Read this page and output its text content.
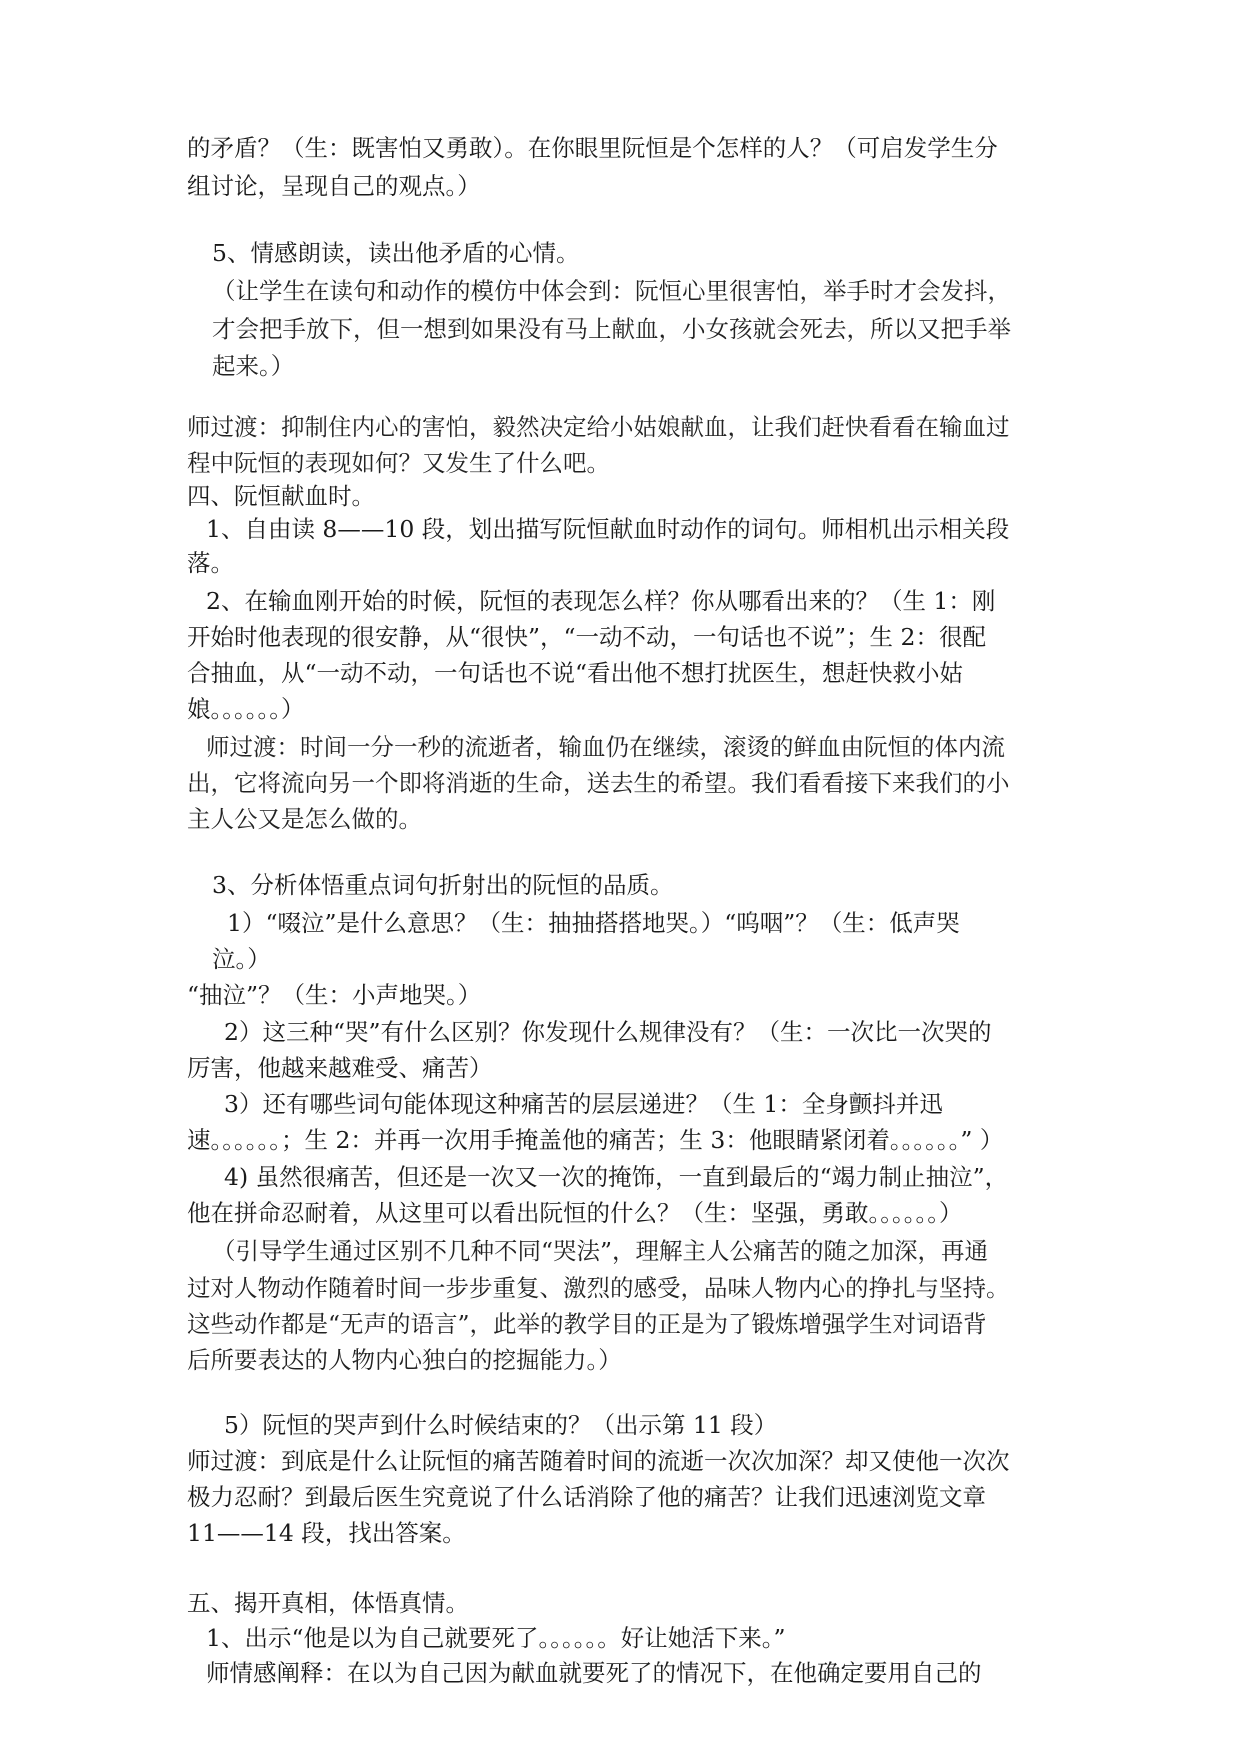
的矛盾？（生：既害怕又勇敢）。在你眼里阮恒是个怎样的人？（可启发学生分
组讨论，呈现自己的观点。）
5、情感朗读，读出他矛盾的心情。
（让学生在读句和动作的模仿中体会到：阮恒心里很害怕，举手时才会发抖，
才会把手放下，但一想到如果没有马上献血，小女孩就会死去，所以又把手举
起来。）
师过渡：抑制住内心的害怕，毅然决定给小姑娘献血，让我们赶快看看在输血过
程中阮恒的表现如何？又发生了什么吧。
四、阮恒献血时。
1、自由读 8——10 段，划出描写阮恒献血时动作的词句。师相机出示相关段
落。
2、在输血刚开始的时候，阮恒的表现怎么样？你从哪看出来的？（生 1：刚
开始时他表现的很安静，从“很快”，“一动不动，一句话也不说”；生 2：很配
合抽血，从“一动不动，一句话也不说“看出他不想打扰医生，想赶快救小姑
娘。。。。。。）
师过渡：时间一分一秒的流逝者，输血仍在继续，滚烫的鲜血由阮恒的体内流
出，它将流向另一个即将消逝的生命，送去生的希望。我们看看接下来我们的小
主人公又是怎么做的。
3、分析体悟重点词句折射出的阮恒的品质。
1）“啜泣”是什么意思？（生：抽抽搭搭地哭。）“呜咽”？（生：低声哭
泣。）
“抽泣”？（生：小声地哭。）
2）这三种“哭”有什么区别？你发现什么规律没有？（生：一次比一次哭的
厉害，他越来越难受、痛苦）
3）还有哪些词句能体现这种痛苦的层层递进？（生 1：全身颤抖并迅
速。。。。。。；生 2：并再一次用手掩盖他的痛苦；生 3：他眼睛紧闭着。。。。。。” ）
4) 虽然很痛苦，但还是一次又一次的掩饰，一直到最后的“竭力制止抽泣”，
他在拼命忍耐着，从这里可以看出阮恒的什么？（生：坚强，勇敢。。。。。。）
（引导学生通过区别不几种不同“哭法”，理解主人公痛苦的随之加深，再通
过对人物动作随着时间一步步重复、激烈的感受，品味人物内心的挣扎与坚持。
这些动作都是“无声的语言”，此举的教学目的正是为了锻炼增强学生对词语背
后所要表达的人物内心独白的挖掘能力。）
5）阮恒的哭声到什么时候结束的？（出示第 11 段）
师过渡：到底是什么让阮恒的痛苦随着时间的流逝一次次加深？却又使他一次次
极力忍耐？到最后医生究竟说了什么话消除了他的痛苦？让我们迅速浏览文章
11——14 段，找出答案。
五、揭开真相，体悟真情。
1、出示“他是以为自己就要死了。。。。。。好让她活下来。”
师情感阐释：在以为自己因为献血就要死了的情况下，在他确定要用自己的
